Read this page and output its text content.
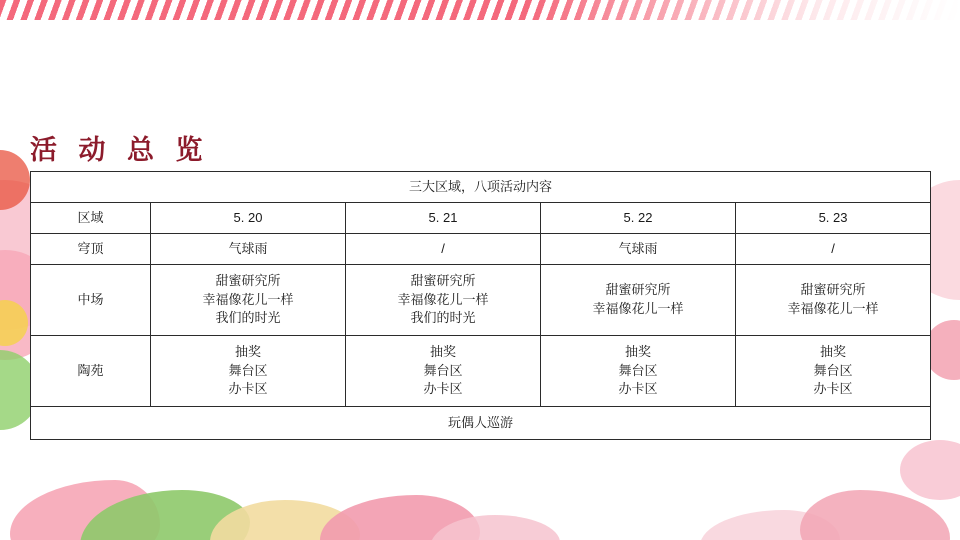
活 动 总 览
三大区域，八项活动内容				
区域	5. 20	5. 21	5. 22	5. 23
穹顶	气球雨	/	气球雨	/

中场	甜蜜研究所
幸福像花儿一样
我们的时光	甜蜜研究所
幸福像花儿一样
我们的时光	甜蜜研究所
幸福像花儿一样	甜蜜研究所
幸福像花儿一样

陶苑	抽奖
舞台区
办卡区	抽奖
舞台区
办卡区	抽奖
舞台区
办卡区	抽奖
舞台区
办卡区

玩偶人巡游				
